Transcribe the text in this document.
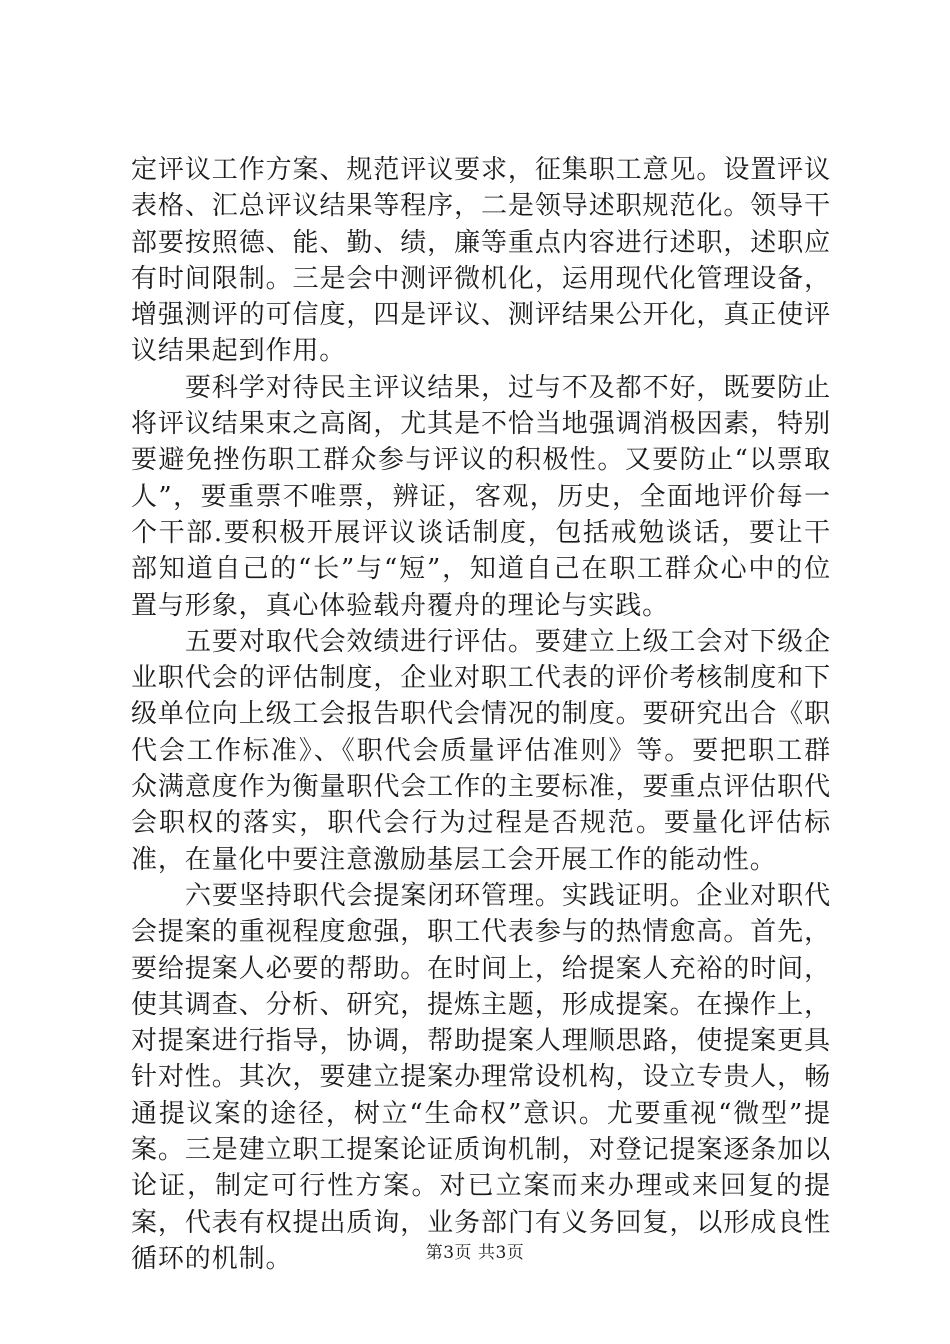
定评议工作方案、规范评议要求，征集职工意见。设置评议表格、汇总评议结果等程序，二是领导述职规范化。领导干部要按照德、能、勤、绩，廉等重点内容进行述职，述职应有时间限制。三是会中测评微机化，运用现代化管理设备，增强测评的可信度，四是评议、测评结果公开化，真正使评议结果起到作用。

要科学对待民主评议结果，过与不及都不好，既要防止将评议结果束之高阁，尤其是不恰当地强调消极因素，特别要避免挫伤职工群众参与评议的积极性。又要防止“以票取人”，要重票不唯票，辨证，客观，历史，全面地评价每一个干部.要积极开展评议谈话制度，包括戒勉谈话，要让干部知道自己的“长”与“短”，知道自己在职工群众心中的位置与形象，真心体验载舟覆舟的理论与实践。

五要对取代会效绩进行评估。要建立上级工会对下级企业职代会的评估制度，企业对职工代表的评价考核制度和下级单位向上级工会报告职代会情况的制度。要研究出合《职代会工作标准》、《职代会质量评估准则》等。要把职工群众满意度作为衡量职代会工作的主要标准，要重点评估职代会职权的落实，职代会行为过程是否规范。要量化评估标准，在量化中要注意激励基层工会开展工作的能动性。

六要坚持职代会提案闭环管理。实践证明。企业对职代会提案的重视程度愈强，职工代表参与的热情愈高。首先，要给提案人必要的帮助。在时间上，给提案人充裕的时间，使其调查、分析、研究，提炼主题，形成提案。在操作上，对提案进行指导，协调，帮助提案人理顺思路，使提案更具针对性。其次，要建立提案办理常设机构，设立专贵人，畅通提议案的途径，树立“生命权”意识。尤要重视“微型”提案。三是建立职工提案论证质询机制，对登记提案逐条加以论证，制定可行性方案。对已立案而来办理或来回复的提案，代表有权提出质询，业务部门有义务回复，以形成良性循环的机制。	第3页 共3页
